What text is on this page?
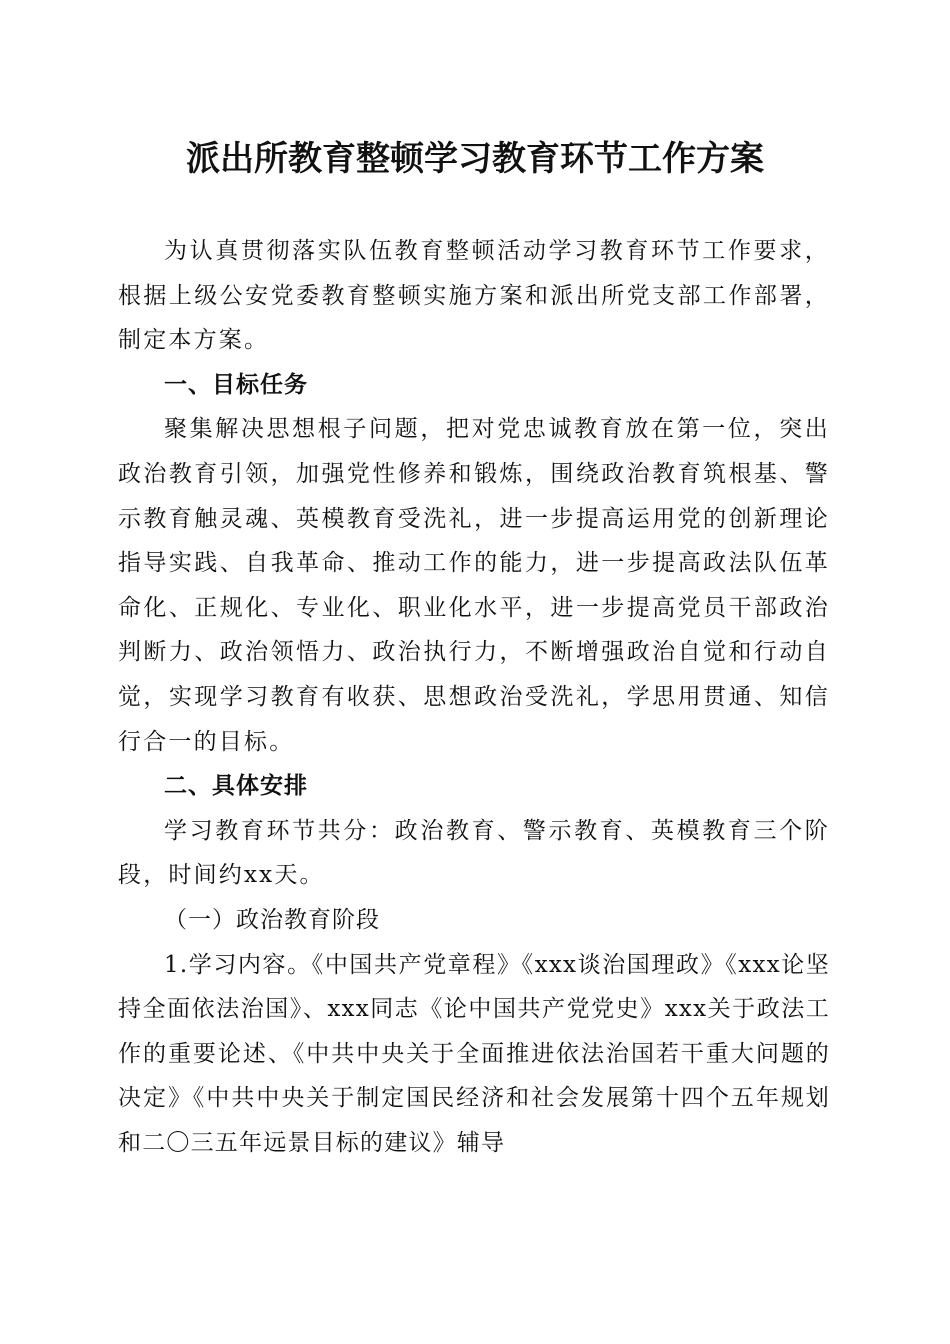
派出所教育整顿学习教育环节工作方案

为认真贯彻落实队伍教育整顿活动学习教育环节工作要求，根据上级公安党委教育整顿实施方案和派出所党支部工作部署，制定本方案。

一、目标任务

聚集解决思想根子问题，把对党忠诚教育放在第一位，突出政治教育引领，加强党性修养和锻炼，围绕政治教育筑根基、警示教育触灵魂、英模教育受洗礼，进一步提高运用党的创新理论指导实践、自我革命、推动工作的能力，进一步提高政法队伍革命化、正规化、专业化、职业化水平，进一步提高党员干部政治判断力、政治领悟力、政治执行力，不断增强政治自觉和行动自觉，实现学习教育有收获、思想政治受洗礼，学思用贯通、知信行合一的目标。

二、具体安排

学习教育环节共分：政治教育、警示教育、英模教育三个阶段，时间约xx天。

（一）政治教育阶段

1.学习内容。《中国共产党章程》《xxx谈治国理政》《xxx论坚持全面依法治国》、xxx同志《论中国共产党党史》xxx关于政法工作的重要论述、《中共中央关于全面推进依法治国若干重大问题的决定》《中共中央关于制定国民经济和社会发展第十四个五年规划和二〇三五年远景目标的建议》辅导
